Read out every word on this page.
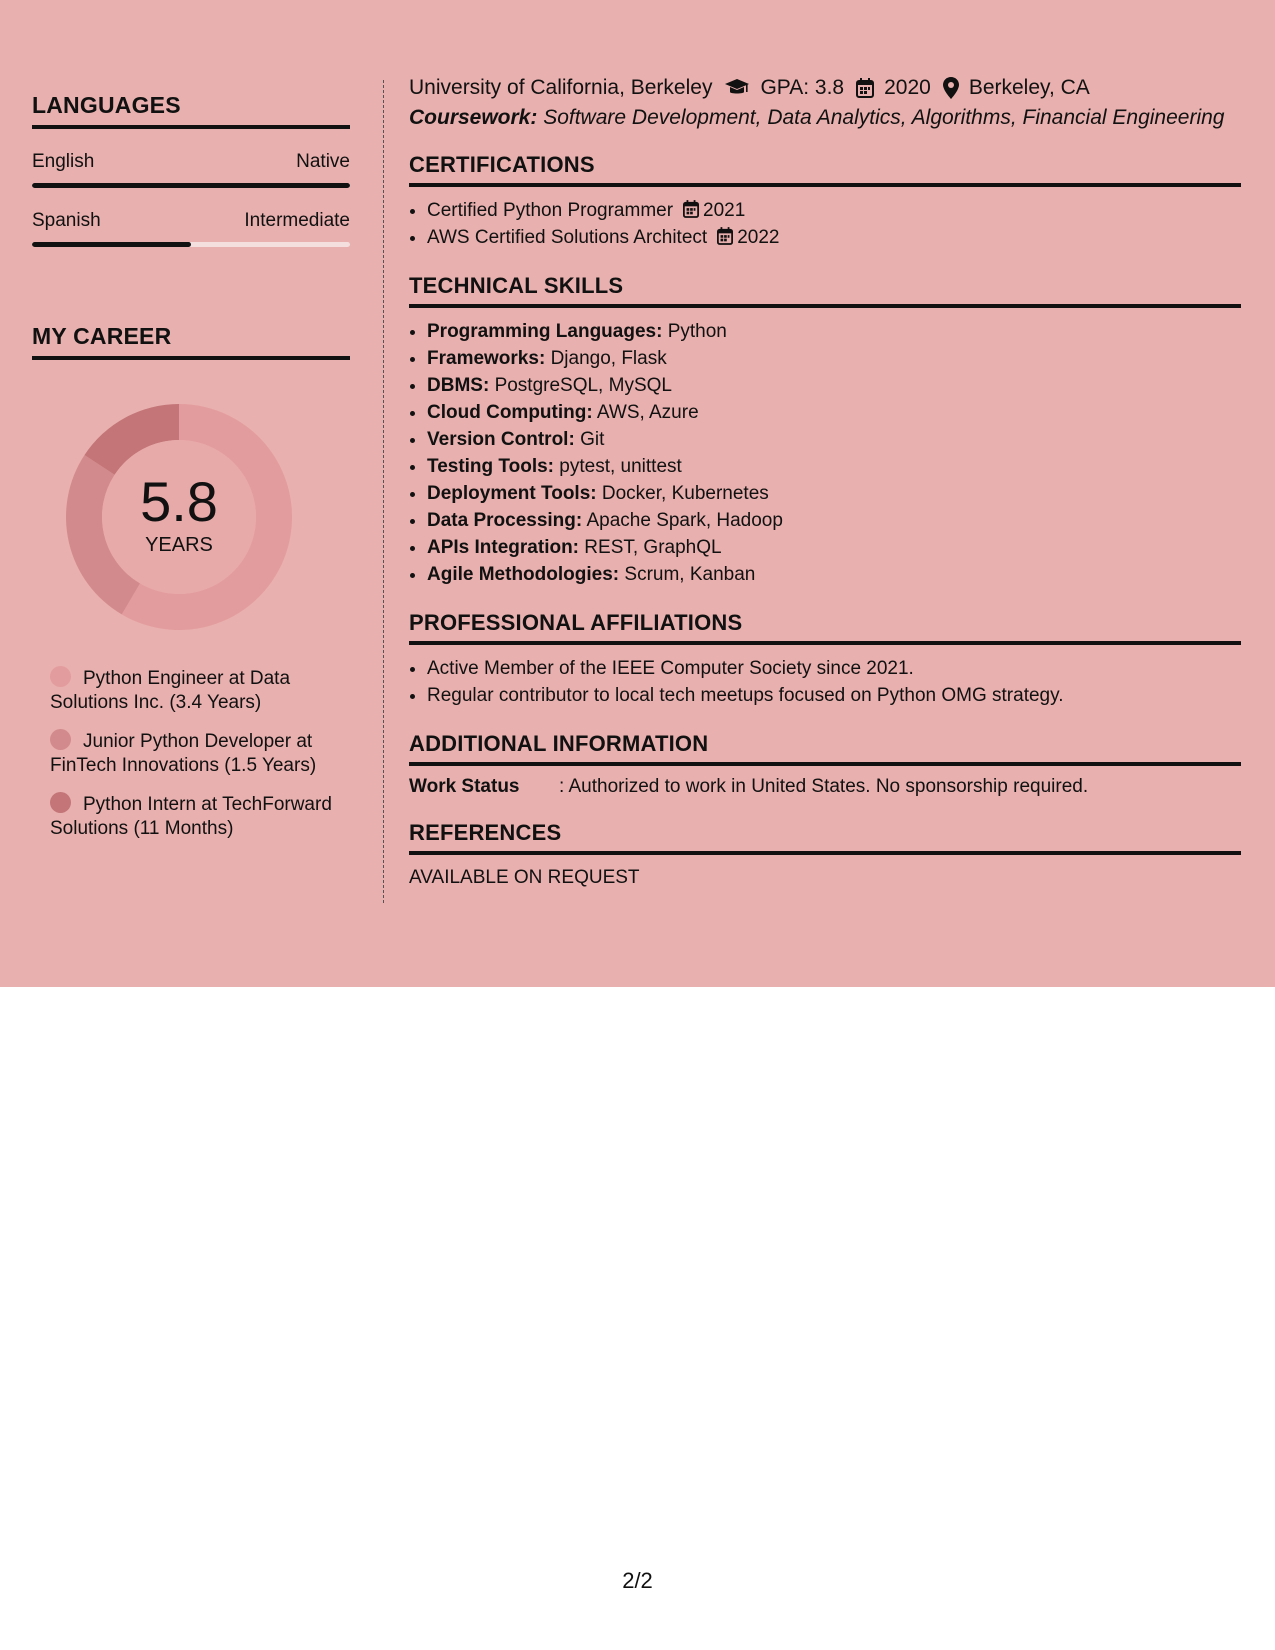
LANGUAGES
English	Native
Spanish	Intermediate
MY CAREER
5.8
YEARS
Python Engineer at Data Solutions Inc. (3.4 Years)
Junior Python Developer at FinTech Innovations (1.5 Years)
Python Intern at TechForward Solutions (11 Months)
University of California, Berkeley GPA: 3.8 2020 Berkeley, CA
Coursework: Software Development, Data Analytics, Algorithms, Financial Engineering
CERTIFICATIONS
• Certified Python Programmer 2021
• AWS Certified Solutions Architect 2022
TECHNICAL SKILLS
• Programming Languages: Python
• Frameworks: Django, Flask
• DBMS: PostgreSQL, MySQL
• Cloud Computing: AWS, Azure
• Version Control: Git
• Testing Tools: pytest, unittest
• Deployment Tools: Docker, Kubernetes
• Data Processing: Apache Spark, Hadoop
• APIs Integration: REST, GraphQL
• Agile Methodologies: Scrum, Kanban
PROFESSIONAL AFFILIATIONS
• Active Member of the IEEE Computer Society since 2021.
• Regular contributor to local tech meetups focused on Python OMG strategy.
ADDITIONAL INFORMATION
Work Status	: Authorized to work in United States. No sponsorship required.
REFERENCES
AVAILABLE ON REQUEST
2/2
